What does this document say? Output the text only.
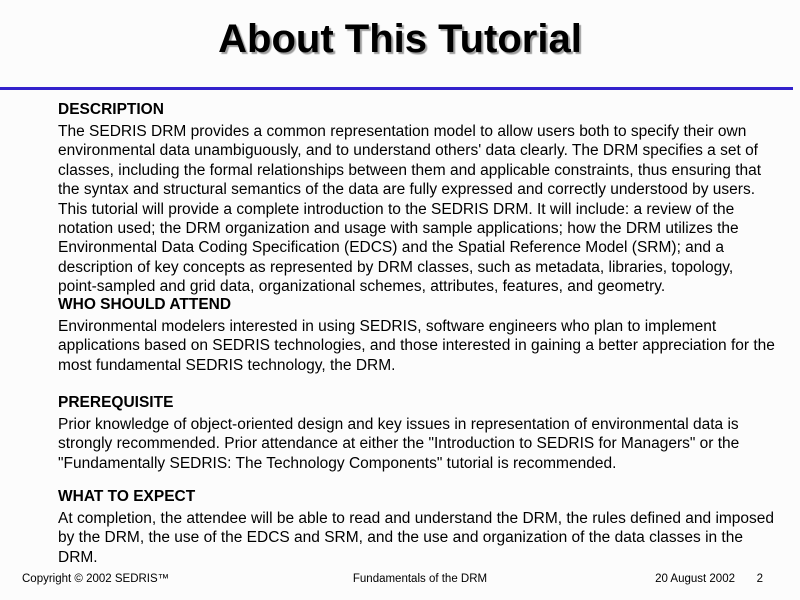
About This Tutorial
DESCRIPTION

The SEDRIS DRM provides a common representation model to allow users both to specify their own environmental data unambiguously, and to understand others' data clearly. The DRM specifies a set of classes, including the formal relationships between them and applicable constraints, thus ensuring that the syntax and structural semantics of the data are fully expressed and correctly understood by users. This tutorial will provide a complete introduction to the SEDRIS DRM. It will include: a review of the notation used; the DRM organization and usage with sample applications; how the DRM utilizes the Environmental Data Coding Specification (EDCS) and the Spatial Reference Model (SRM); and a description of key concepts as represented by DRM classes, such as metadata, libraries, topology, point-sampled and grid data, organizational schemes, attributes, features, and geometry.

WHO SHOULD ATTEND

Environmental modelers interested in using SEDRIS, software engineers who plan to implement applications based on SEDRIS technologies, and those interested in gaining a better appreciation for the most fundamental SEDRIS technology, the DRM.

PREREQUISITE

Prior knowledge of object-oriented design and key issues in representation of environmental data is strongly recommended. Prior attendance at either the "Introduction to SEDRIS for Managers" or the "Fundamentally SEDRIS: The Technology Components" tutorial is recommended.

WHAT TO EXPECT

At completion, the attendee will be able to read and understand the DRM, the rules defined and imposed by the DRM, the use of the EDCS and SRM, and the use and organization of the data classes in the DRM.

Copyright © 2002 SEDRIS™	Fundamentals of the DRM	20 August 2002 2
